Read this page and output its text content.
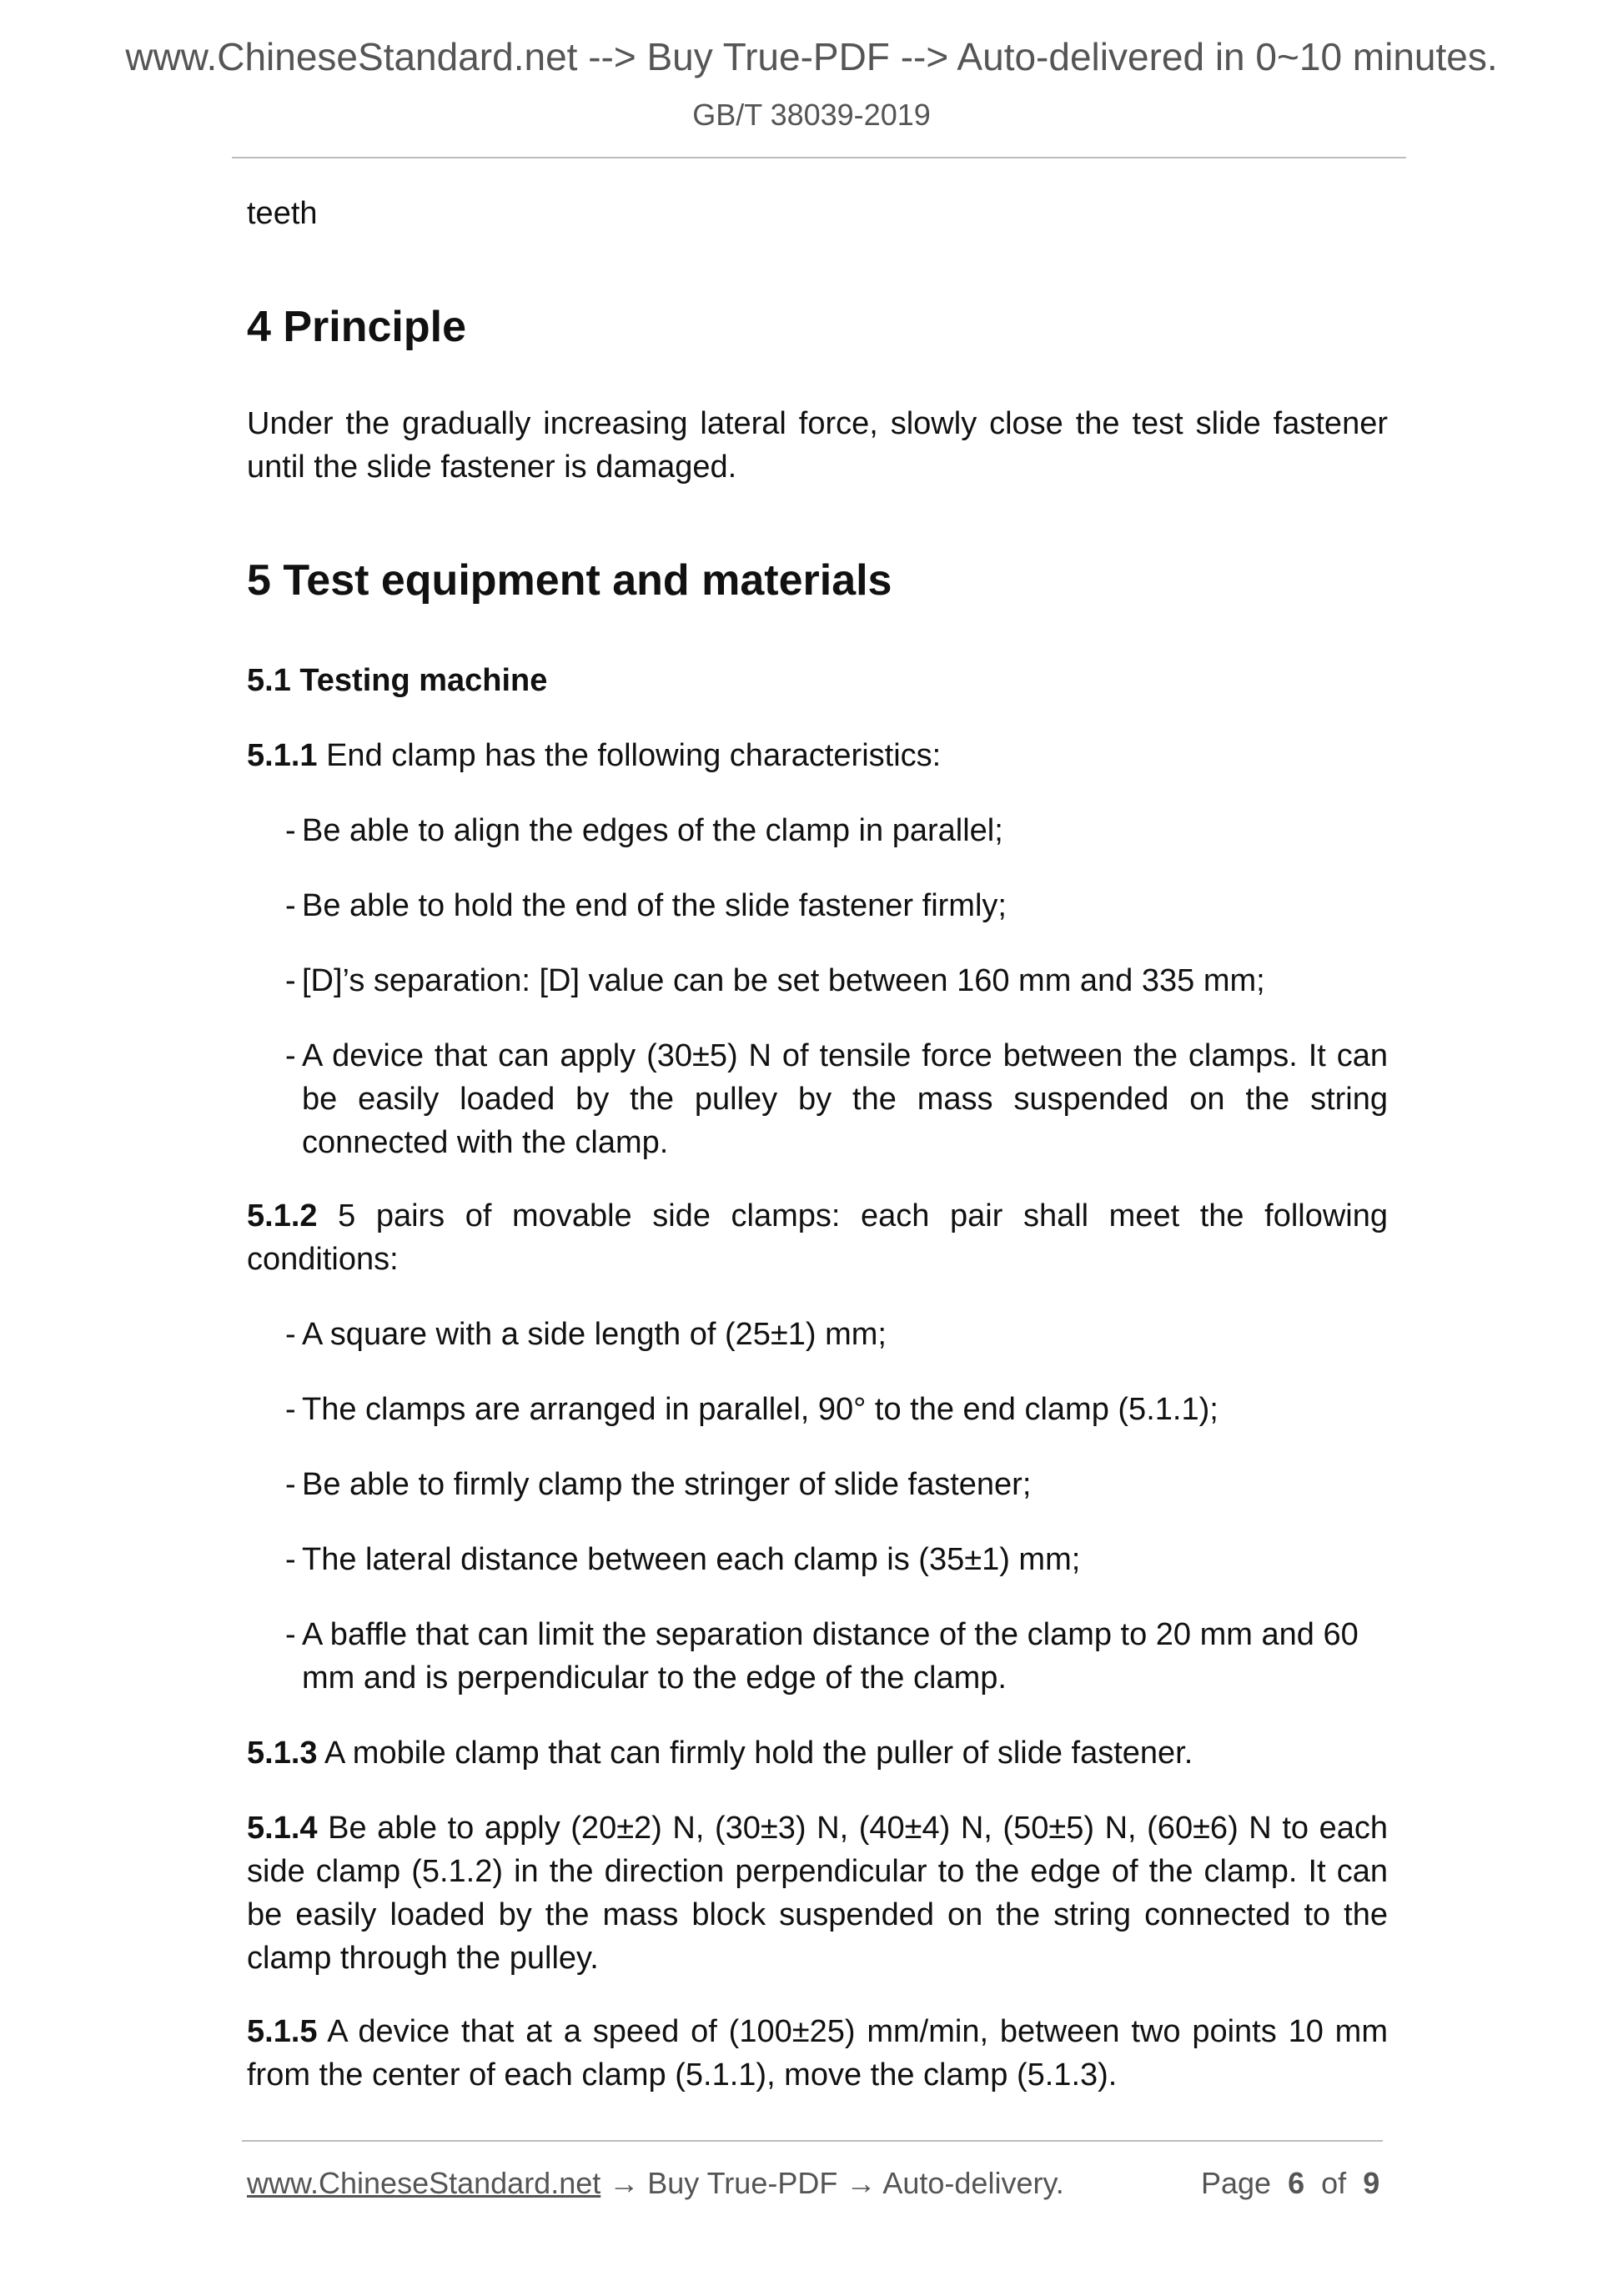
www.ChineseStandard.net --> Buy True-PDF --> Auto-delivered in 0~10 minutes.
GB/T 38039-2019

teeth

4 Principle

Under the gradually increasing lateral force, slowly close the test slide fastener until the slide fastener is damaged.

5 Test equipment and materials
5.1 Testing machine

5.1.1 End clamp has the following characteristics:

- Be able to align the edges of the clamp in parallel;
- Be able to hold the end of the slide fastener firmly;
- [D]’s separation: [D] value can be set between 160 mm and 335 mm;
- A device that can apply (30±5) N of tensile force between the clamps. It can be easily loaded by the pulley by the mass suspended on the string connected with the clamp.

5.1.2 5 pairs of movable side clamps: each pair shall meet the following conditions:

- A square with a side length of (25±1) mm;
- The clamps are arranged in parallel, 90° to the end clamp (5.1.1);
- Be able to firmly clamp the stringer of slide fastener;
- The lateral distance between each clamp is (35±1) mm;
- A baffle that can limit the separation distance of the clamp to 20 mm and 60 mm and is perpendicular to the edge of the clamp.

5.1.3 A mobile clamp that can firmly hold the puller of slide fastener.

5.1.4 Be able to apply (20±2) N, (30±3) N, (40±4) N, (50±5) N, (60±6) N to each side clamp (5.1.2) in the direction perpendicular to the edge of the clamp. It can be easily loaded by the mass block suspended on the string connected to the clamp through the pulley.

5.1.5 A device that at a speed of (100±25) mm/min, between two points 10 mm from the center of each clamp (5.1.1), move the clamp (5.1.3).

www.ChineseStandard.net → Buy True-PDF → Auto-delivery.	Page 6 of 9
